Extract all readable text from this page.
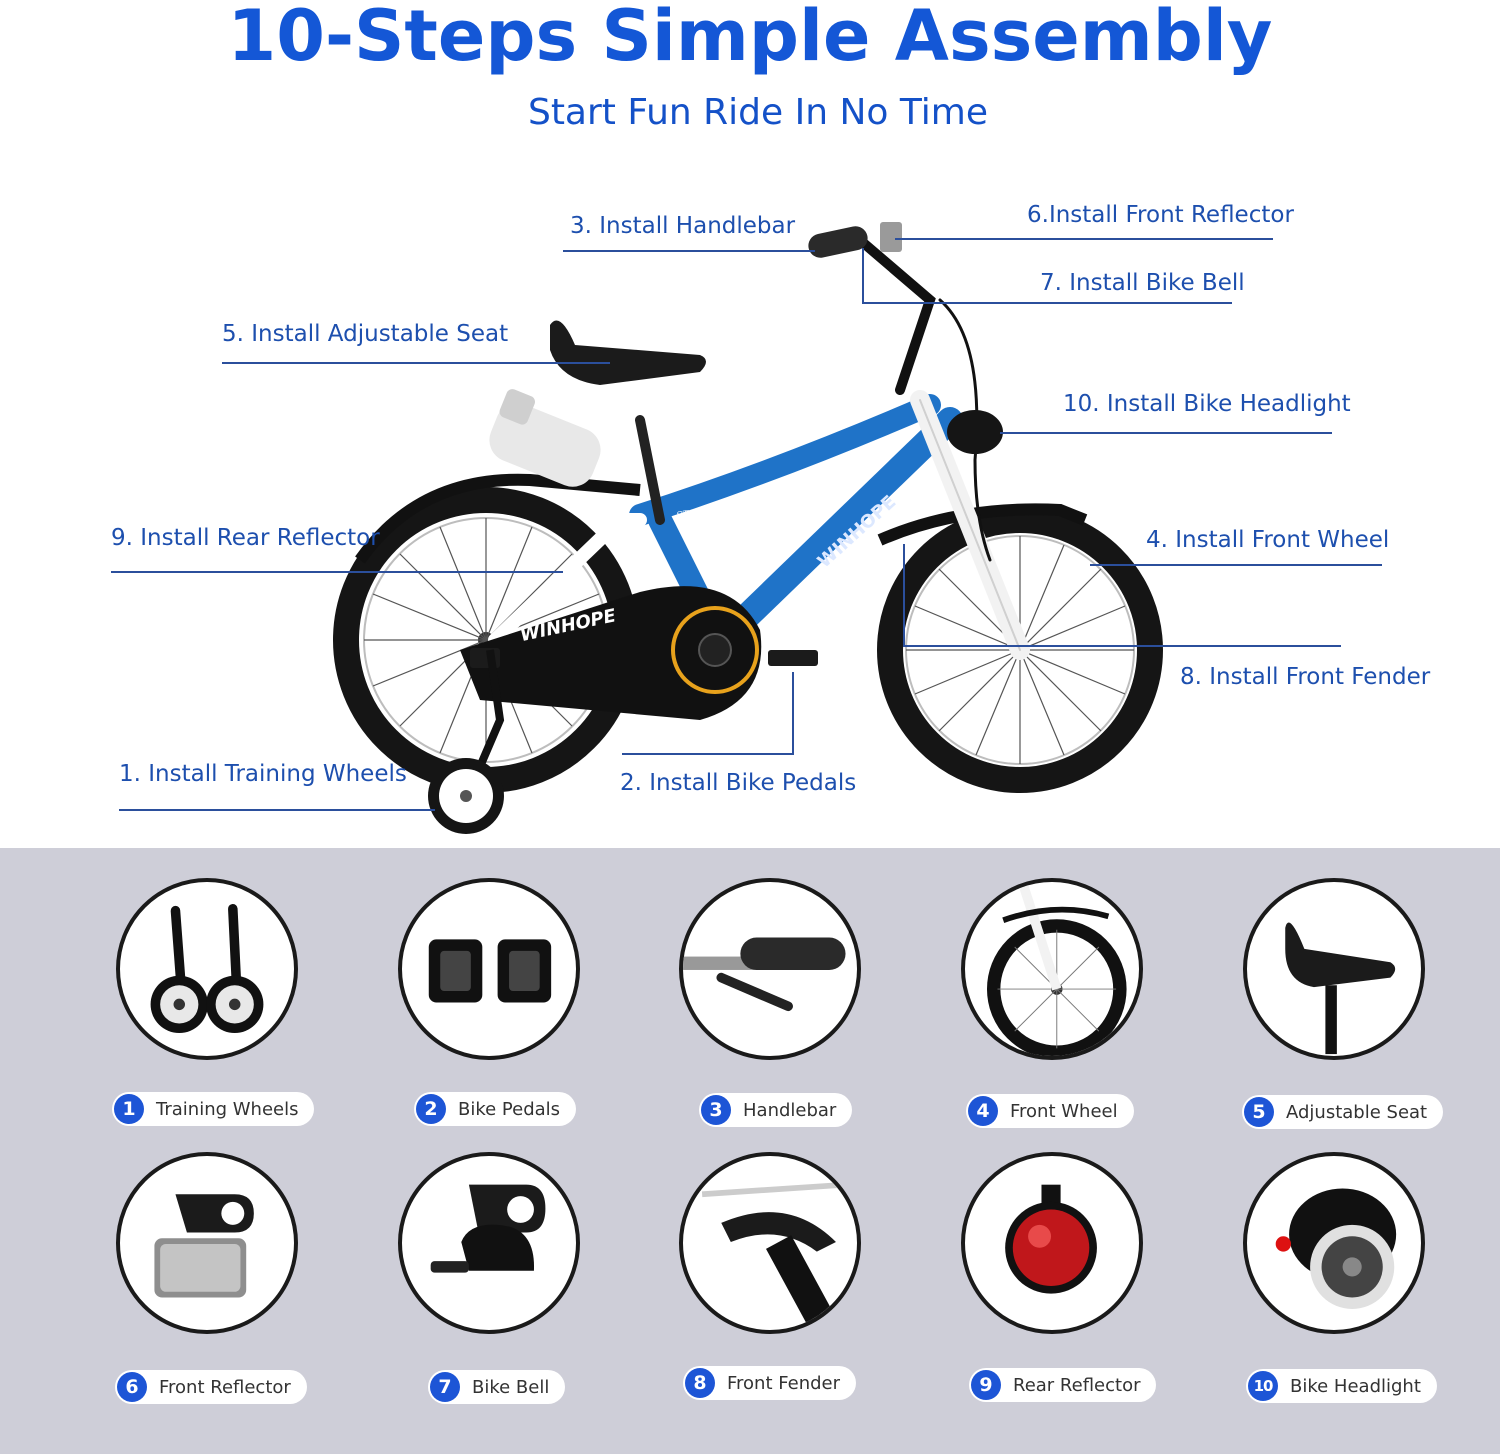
10-Steps Simple Assembly
Start Fun Ride In No Time
WINHOPE
WINHOPE
STARLIGHT
3. Install Handlebar	6.Install Front Reflector
7. Install Bike Bell
5. Install Adjustable Seat
10. Install Bike Headlight
9. Install Rear Reflector	4. Install Front Wheel
8. Install Front Fender
1. Install Training Wheels	2. Install Bike Pedals
1	Training Wheels	2	Bike Pedals	3	Handlebar	4	Front Wheel	5	Adjustable Seat
6	Front Reflector	7	Bike Bell	8	Front Fender	9	Rear Reflector	10 Bike Headlight
